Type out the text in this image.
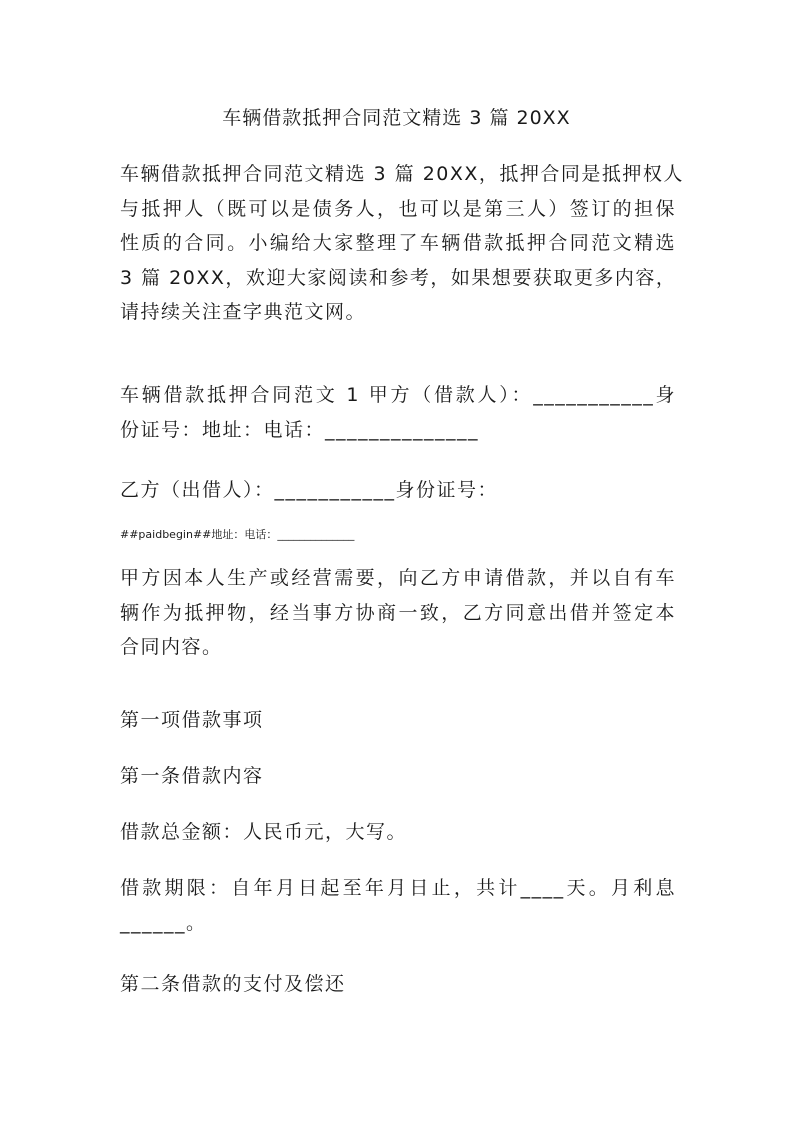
车辆借款抵押合同范文精选 3 篇 20XX
车辆借款抵押合同范文精选 3 篇 20XX，抵押合同是抵押权人
与抵押人（既可以是债务人，也可以是第三人）签订的担保
性质的合同。小编给大家整理了车辆借款抵押合同范文精选
3 篇 20XX，欢迎大家阅读和参考，如果想要获取更多内容，
请持续关注查字典范文网。
车辆借款抵押合同范文 1 甲方（借款人）：___________身
份证号：地址：电话：______________
乙方（出借人）：___________身份证号：
##paidbegin##地址：电话：______________
甲方因本人生产或经营需要，向乙方申请借款，并以自有车
辆作为抵押物，经当事方协商一致，乙方同意出借并签定本
合同内容。
第一项借款事项
第一条借款内容
借款总金额：人民币元，大写。
借款期限：自年月日起至年月日止，共计____天。月利息
______。
第二条借款的支付及偿还
